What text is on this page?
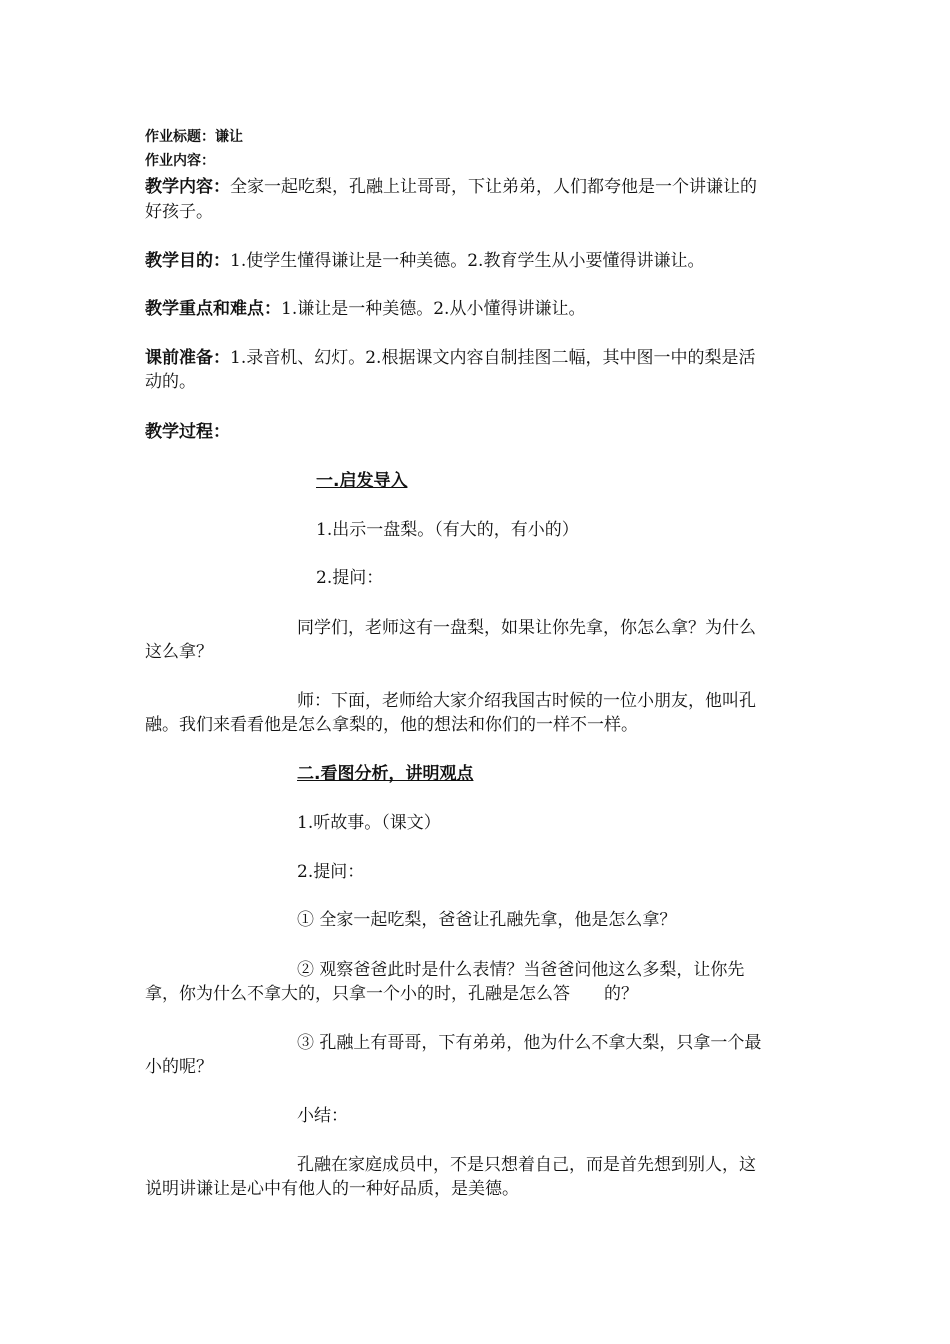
作业标题：谦让
作业内容：
教学内容：全家一起吃梨，孔融上让哥哥，下让弟弟，人们都夸他是一个讲谦让的
好孩子。
教学目的：1.使学生懂得谦让是一种美德。2.教育学生从小要懂得讲谦让。
教学重点和难点：1.谦让是一种美德。2.从小懂得讲谦让。
课前准备：1.录音机、幻灯。2.根据课文内容自制挂图二幅，其中图一中的梨是活
动的。
教学过程：
一.启发导入
1.出示一盘梨。（有大的，有小的）
2.提问：
同学们，老师这有一盘梨，如果让你先拿，你怎么拿？为什么
这么拿？
师：下面，老师给大家介绍我国古时候的一位小朋友，他叫孔
融。我们来看看他是怎么拿梨的，他的想法和你们的一样不一样。
二.看图分析，讲明观点
1.听故事。（课文）
2.提问：
① 全家一起吃梨，爸爸让孔融先拿，他是怎么拿？
② 观察爸爸此时是什么表情？当爸爸问他这么多梨，让你先
拿，你为什么不拿大的，只拿一个小的时，孔融是怎么答　　的？
③ 孔融上有哥哥，下有弟弟，他为什么不拿大梨，只拿一个最
小的呢？
小结：
孔融在家庭成员中，不是只想着自己，而是首先想到别人，这
说明讲谦让是心中有他人的一种好品质，是美德。
